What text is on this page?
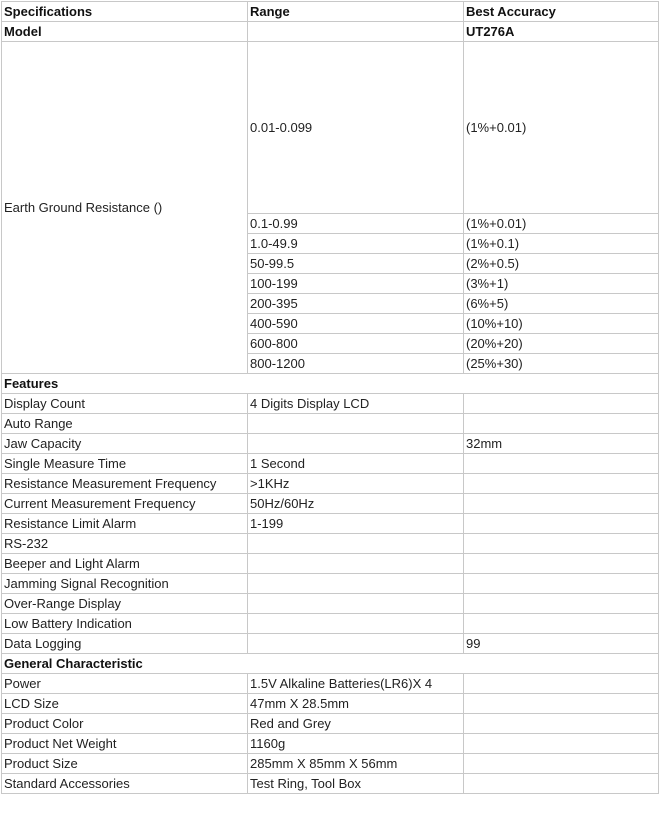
Specifications	Range	Best Accuracy
Model		UT276A
Earth Ground Resistance ()	0.01-0.099	(1%+0.01)
	0.1-0.99	(1%+0.01)
	1.0-49.9	(1%+0.1)
	50-99.5	(2%+0.5)
	100-199	(3%+1)
	200-395	(6%+5)
	400-590	(10%+10)
	600-800	(20%+20)
	800-1200	(25%+30)
Features		
Display Count	4 Digits Display LCD	
Auto Range		
Jaw Capacity		32mm
Single Measure Time	1 Second	
Resistance Measurement Frequency	>1KHz	
Current Measurement Frequency	50Hz/60Hz	
Resistance Limit Alarm	1-199	
RS-232		
Beeper and Light Alarm		
Jamming Signal Recognition		
Over-Range Display		
Low Battery Indication		
Data Logging		99
General Characteristic		
Power	1.5V Alkaline Batteries(LR6)X 4	
LCD Size	47mm X 28.5mm	
Product Color	Red and Grey	
Product Net Weight	1160g	
Product Size	285mm X 85mm X 56mm	
Standard Accessories	Test Ring, Tool Box	
